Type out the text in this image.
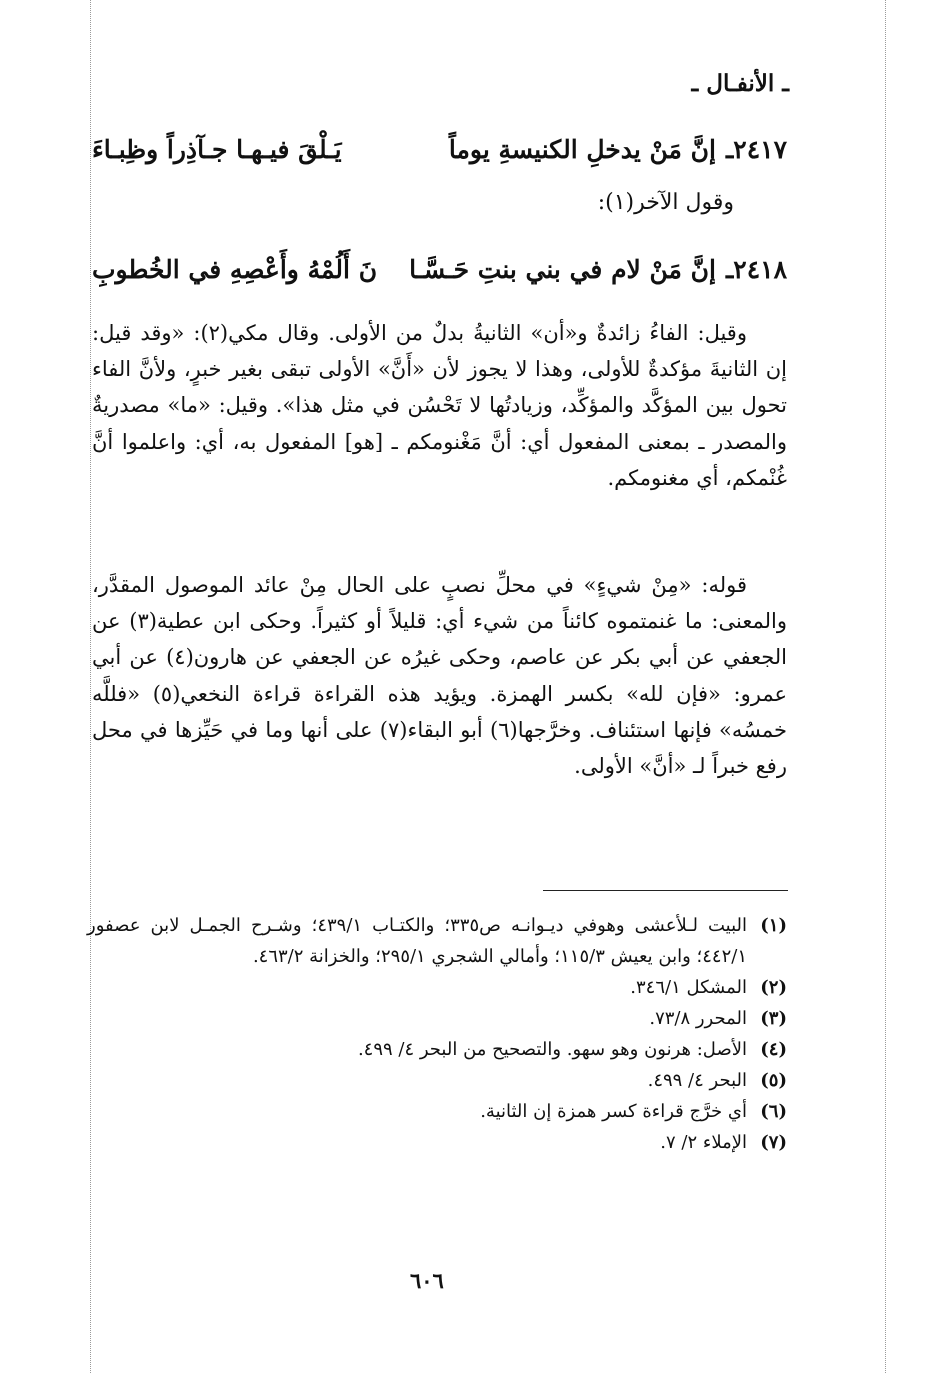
ـ الأنفـال ـ
٢٤١٧ـ
إنَّ مَنْ يدخلِ الكنيسةِ يوماً
يَـلْقَ فيـهـا جـآذِراً وظِبـاءَ
وقول الآخر(١):
٢٤١٨ـ
إنَّ مَنْ لام في بني بنتِ حَـسَّـا
نَ أَلُمْهُ وأَعْصِهِ في الخُطوبِ

وقيل: الفاءُ زائدةٌ و«أن» الثانيةُ بدلٌ من الأولى. وقال مكي(٢): «وقد قيل: إن الثانيةَ مؤكدةٌ للأولى، وهذا لا يجوز لأن «أَنَّ» الأولى تبقى بغير خبرٍ، ولأنَّ الفاء تحول بين المؤكَّد والمؤكِّد، وزيادتُها لا تَحْسُن في مثل هذا». وقيل: «ما» مصدريةٌ والمصدر ـ بمعنى المفعول أي: أنَّ مَغْنومكم ـ [هو] المفعول به، أي: واعلموا أنَّ غُنْمكم، أي مغنومكم.

قوله: «مِنْ شيءٍ» في محلِّ نصبٍ على الحال مِنْ عائد الموصول المقدَّر، والمعنى: ما غنمتموه كائناً من شيء أي: قليلاً أو كثيراً. وحكى ابن عطية(٣) عن الجعفي عن أبي بكر عن عاصم، وحكى غيرُه عن الجعفي عن هارون(٤) عن أبي عمرو: «فإن لله» بكسر الهمزة. ويؤيد هذه القراءة قراءة النخعي(٥) «فللَّه خمسُه» فإنها استئناف. وخرَّجها(٦) أبو البقاء(٧) على أنها وما في حَيِّزها في محل رفع خبراً لـ «أنَّ» الأولى.

(١)
البيت لـلأعشى وهوفي ديـوانـه ص٣٣٥؛ والكتـاب ٤٣٩/١؛ وشـرح الجمـل لابن عصفور ٤٤٢/١؛ وابن يعيش ١١٥/٣؛ وأمالي الشجري ٢٩٥/١؛ والخزانة ٤٦٣/٢.
(٢)
المشكل ٣٤٦/١.
(٣)
المحرر ٧٣/٨.
(٤)
الأصل: هرنون وهو سهو. والتصحيح من البحر ٤/ ٤٩٩.
(٥)
البحر ٤/ ٤٩٩.
(٦)
أي خرَّج قراءة كسر همزة إن الثانية.
(٧)
الإملاء ٢/ ٧.
٦٠٦
